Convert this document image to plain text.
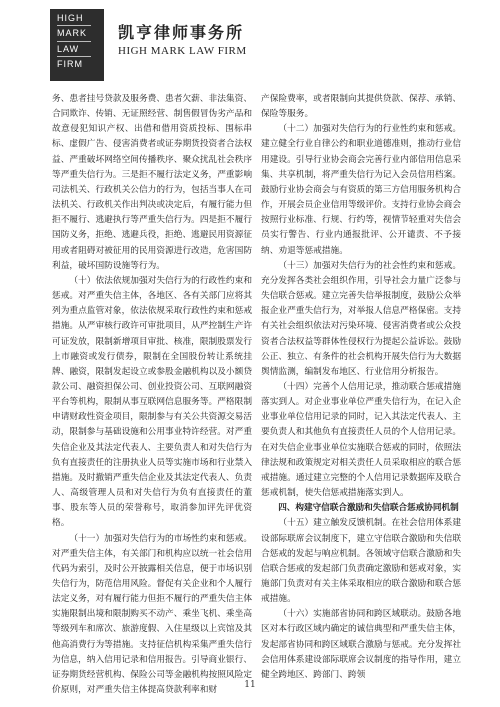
HIGH
MARK
LAW
FIRM
凯亨律师事务所
HIGH MARK LAW FIRM

务、患者挂号贷款及服务费、患者欠薪、非法集资、合同欺诈、传销、无证照经营、制售假冒伪劣产品和故意侵犯知识产权、出借和借用资质投标、围标串标、虚假广告、侵害消费者或证券期货投资者合法权益、严重破坏网络空间传播秩序、聚众扰乱社会秩序等严重失信行为。三是拒不履行法定义务，严重影响司法机关、行政机关公信力的行为，包括当事人在司法机关、行政机关作出判决或决定后，有履行能力但拒不履行、逃避执行等严重失信行为。四是拒不履行国防义务，拒绝、逃避兵役，拒绝、逃避民用资源征用或者阻碍对被征用的民用资源进行改造，危害国防利益，破坏国防设施等行为。

（十）依法依规加强对失信行为的行政性约束和惩戒。对严重失信主体，各地区、各有关部门应将其列为重点监管对象，依法依规采取行政性约束和惩戒措施。从严审核行政许可审批项目，从严控制生产许可证发放，限制新增项目审批、核准，限制股票发行上市融资或发行债券，限制在全国股份转让系统挂牌、融资，限制发起设立或参股金融机构以及小额贷款公司、融资担保公司、创业投资公司、互联网融资平台等机构，限制从事互联网信息服务等。严格限制申请财政性资金项目，限制参与有关公共资源交易活动，限制参与基础设施和公用事业特许经营。对严重失信企业及其法定代表人、主要负责人和对失信行为负有直接责任的注册执业人员等实施市场和行业禁入措施。及时撤销严重失信企业及其法定代表人、负责人、高级管理人员和对失信行为负有直接责任的董事、股东等人员的荣誉称号，取消参加评先评优资格。

（十一）加强对失信行为的市场性约束和惩戒。对严重失信主体，有关部门和机构应以统一社会信用代码为索引，及时公开披露相关信息，便于市场识别失信行为，防范信用风险。督促有关企业和个人履行法定义务，对有履行能力但拒不履行的严重失信主体实施限制出境和限制购买不动产、乘坐飞机、乘坐高等级列车和席次、旅游度假、入住星级以上宾馆及其他高消费行为等措施。支持征信机构采集严重失信行为信息，纳入信用记录和信用报告。引导商业银行、证券期货经营机构、保险公司等金融机构按照风险定价原则，对严重失信主体提高贷款利率和财

产保险费率，或者限制向其提供贷款、保荐、承销、保险等服务。

（十二）加强对失信行为的行业性约束和惩戒。建立健全行业自律公约和职业道德准则，推动行业信用建设。引导行业协会商会完善行业内部信用信息采集、共享机制，将严重失信行为记入会员信用档案。鼓励行业协会商会与有资质的第三方信用服务机构合作，开展会员企业信用等级评价。支持行业协会商会按照行业标准、行规、行约等，视情节轻重对失信会员实行警告、行业内通报批评、公开谴责、不予接纳、劝退等惩戒措施。

（十三）加强对失信行为的社会性约束和惩戒。充分发挥各类社会组织作用，引导社会力量广泛参与失信联合惩戒。建立完善失信举报制度，鼓励公众举报企业严重失信行为，对举报人信息严格保密。支持有关社会组织依法对污染环境、侵害消费者或公众投资者合法权益等群体性侵权行为提起公益诉讼。鼓励公正、独立、有条件的社会机构开展失信行为大数据舆情监测，编制发布地区、行业信用分析报告。

（十四）完善个人信用记录，推动联合惩戒措施落实到人。对企业事业单位严重失信行为，在记入企业事业单位信用记录的同时，记入其法定代表人、主要负责人和其他负有直接责任人员的个人信用记录。在对失信企业事业单位实施联合惩戒的同时，依照法律法规和政策规定对相关责任人员采取相应的联合惩戒措施。通过建立完整的个人信用记录数据库及联合惩戒机制，使失信惩戒措施落实到人。

四、构建守信联合激励和失信联合惩戒协同机制

（十五）建立触发反馈机制。在社会信用体系建设部际联席会议制度下，建立守信联合激励和失信联合惩戒的发起与响应机制。各领域守信联合激励和失信联合惩戒的发起部门负责确定激励和惩戒对象，实施部门负责对有关主体采取相应的联合激励和联合惩戒措施。

（十六）实施部省协同和跨区域联动。鼓励各地区对本行政区域内确定的诚信典型和严重失信主体，发起部省协同和跨区域联合激励与惩戒。充分发挥社会信用体系建设部际联席会议制度的指导作用，建立健全跨地区、跨部门、跨领

11
